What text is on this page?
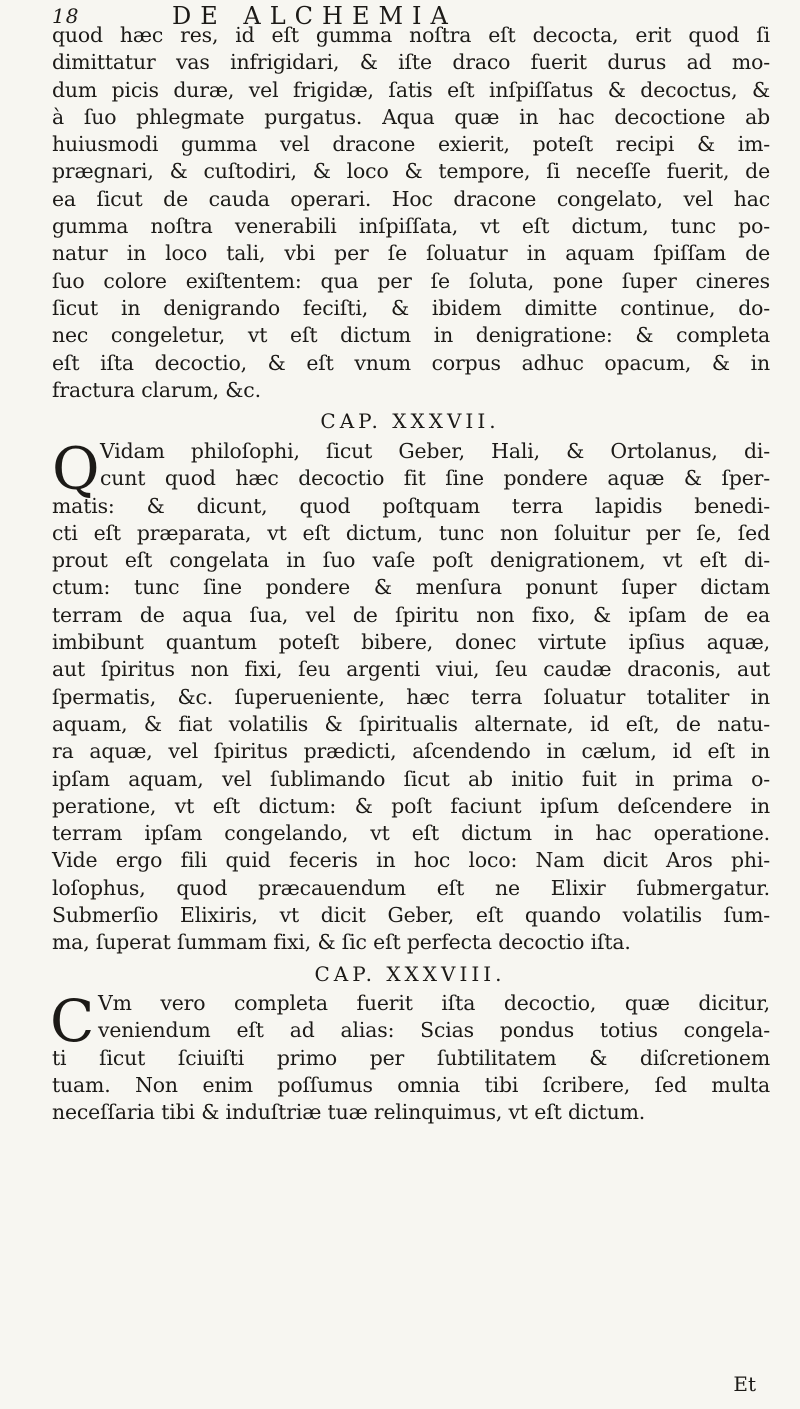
18	DE ALCHEMIA
quod hæc res, id eſt gumma noſtra eſt decocta, erit quod ſi
dimittatur vas infrigidari, & iſte draco fuerit durus ad mo-
dum picis duræ, vel frigidæ, ſatis eſt inſpiſſatus & decoctus, &
à ſuo phlegmate purgatus. Aqua quæ in hac decoctione ab
huiusmodi gumma vel dracone exierit, poteſt recipi & im-
prægnari, & cuſtodiri, & loco & tempore, ſi neceſſe fuerit, de
ea ſicut de cauda operari. Hoc dracone congelato, vel hac
gumma noſtra venerabili inſpiſſata, vt eſt dictum, tunc po-
natur in loco tali, vbi per ſe ſoluatur in aquam ſpiſſam de
ſuo colore exiſtentem: qua per ſe ſoluta, pone ſuper cineres
ſicut in denigrando feciſti, & ibidem dimitte continue, do-
nec congeletur, vt eſt dictum in denigratione: & completa
eſt iſta decoctio, & eſt vnum corpus adhuc opacum, & in
fractura clarum, &c.
CAP. XXXVII.
Q Vidam philoſophi, ſicut Geber, Hali, & Ortolanus, di-
cunt quod hæc decoctio fit ſine pondere aquæ & ſper-
matis: & dicunt, quod poſtquam terra lapidis benedi-
cti eſt præparata, vt eſt dictum, tunc non ſoluitur per ſe, ſed
prout eſt congelata in ſuo vaſe poſt denigrationem, vt eſt di-
ctum: tunc ſine pondere & menſura ponunt ſuper dictam
terram de aqua ſua, vel de ſpiritu non fixo, & ipſam de ea
imbibunt quantum poteſt bibere, donec virtute ipſius aquæ,
aut ſpiritus non fixi, ſeu argenti viui, ſeu caudæ draconis, aut
ſpermatis, &c. ſuperueniente, hæc terra ſoluatur totaliter in
aquam, & fiat volatilis & ſpiritualis alternate, id eſt, de natu-
ra aquæ, vel ſpiritus prædicti, aſcendendo in cælum, id eſt in
ipſam aquam, vel ſublimando ſicut ab initio fuit in prima o-
peratione, vt eſt dictum: & poſt faciunt ipſum deſcendere in
terram ipſam congelando, vt eſt dictum in hac operatione.
Vide ergo fili quid feceris in hoc loco: Nam dicit Aros phi-
loſophus, quod præcauendum eſt ne Elixir ſubmergatur.
Submerſio Elixiris, vt dicit Geber, eſt quando volatilis ſum-
ma, ſuperat ſummam fixi, & ſic eſt perfecta decoctio iſta.
CAP. XXXVIII.
C Vm vero completa fuerit iſta decoctio, quæ dicitur,
veniendum eſt ad alias: Scias pondus totius congela-
ti ſicut ſciuiſti primo per ſubtilitatem & diſcretionem
tuam. Non enim poſſumus omnia tibi ſcribere, ſed multa
neceſſaria tibi & induſtriæ tuæ relinquimus, vt eſt dictum.
Et
